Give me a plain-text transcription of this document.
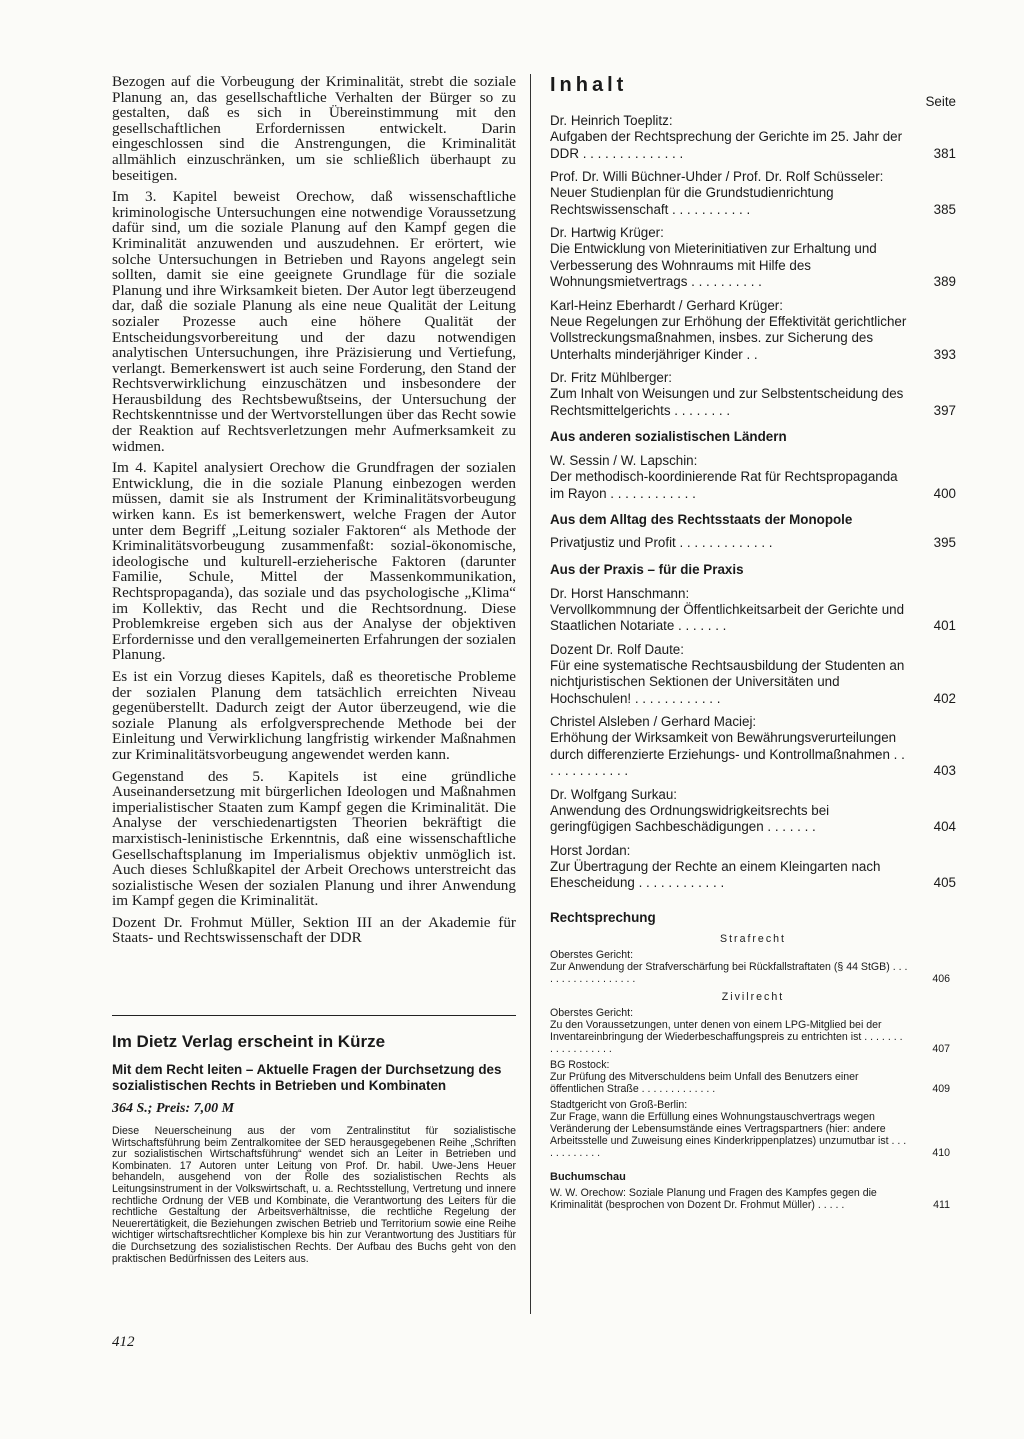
Bezogen auf die Vorbeugung der Kriminalität, strebt die soziale Planung an, das gesellschaftliche Verhalten der Bürger so zu gestalten, daß es sich in Übereinstimmung mit den gesellschaftlichen Erfordernissen entwickelt. Darin eingeschlossen sind die Anstrengungen, die Kriminalität allmählich einzuschränken, um sie schließlich überhaupt zu beseitigen.

Im 3. Kapitel beweist Orechow, daß wissenschaftliche kriminologische Untersuchungen eine notwendige Voraussetzung dafür sind, um die soziale Planung auf den Kampf gegen die Kriminalität anzuwenden und auszudehnen. Er erörtert, wie solche Untersuchungen in Betrieben und Rayons angelegt sein sollten, damit sie eine geeignete Grundlage für die soziale Planung und ihre Wirksamkeit bieten. Der Autor legt überzeugend dar, daß die soziale Planung als eine neue Qualität der Leitung sozialer Prozesse auch eine höhere Qualität der Entscheidungsvorbereitung und der dazu notwendigen analytischen Untersuchungen, ihre Präzisierung und Vertiefung, verlangt. Bemerkenswert ist auch seine Forderung, den Stand der Rechtsverwirklichung einzuschätzen und insbesondere der Herausbildung des Rechtsbewußtseins, der Untersuchung der Rechtskenntnisse und der Wertvorstellungen über das Recht sowie der Reaktion auf Rechtsverletzungen mehr Aufmerksamkeit zu widmen.

Im 4. Kapitel analysiert Orechow die Grundfragen der sozialen Entwicklung, die in die soziale Planung einbezogen werden müssen, damit sie als Instrument der Kriminalitätsvorbeugung wirken kann. Es ist bemerkenswert, welche Fragen der Autor unter dem Begriff „Leitung sozialer Faktoren“ als Methode der Kriminalitätsvorbeugung zusammenfaßt: sozial-ökonomische, ideologische und kulturell-erzieherische Faktoren (darunter Familie, Schule, Mittel der Massenkommunikation, Rechtspropaganda), das soziale und das psychologische „Klima“ im Kollektiv, das Recht und die Rechtsordnung. Diese Problemkreise ergeben sich aus der Analyse der objektiven Erfordernisse und den verallgemeinerten Erfahrungen der sozialen Planung.

Es ist ein Vorzug dieses Kapitels, daß es theoretische Probleme der sozialen Planung dem tatsächlich erreichten Niveau gegenüberstellt. Dadurch zeigt der Autor überzeugend, wie die soziale Planung als erfolgversprechende Methode bei der Einleitung und Verwirklichung langfristig wirkender Maßnahmen zur Kriminalitätsvorbeugung angewendet werden kann.

Gegenstand des 5. Kapitels ist eine gründliche Auseinandersetzung mit bürgerlichen Ideologen und Maßnahmen imperialistischer Staaten zum Kampf gegen die Kriminalität. Die Analyse der verschiedenartigsten Theorien bekräftigt die marxistisch-leninistische Erkenntnis, daß eine wissenschaftliche Gesellschaftsplanung im Imperialismus objektiv unmöglich ist. Auch dieses Schlußkapitel der Arbeit Orechows unterstreicht das sozialistische Wesen der sozialen Planung und ihrer Anwendung im Kampf gegen die Kriminalität.

Dozent Dr. Frohmut Müller, Sektion III an der Akademie für Staats- und Rechtswissenschaft der DDR

Im Dietz Verlag erscheint in Kürze
Mit dem Recht leiten – Aktuelle Fragen der Durchsetzung des sozialistischen Rechts in Betrieben und Kombinaten
364 S.; Preis: 7,00 M

Diese Neuerscheinung aus der vom Zentralinstitut für sozialistische Wirtschaftsführung beim Zentralkomitee der SED herausgegebenen Reihe „Schriften zur sozialistischen Wirtschaftsführung“ wendet sich an Leiter in Betrieben und Kombinaten. 17 Autoren unter Leitung von Prof. Dr. habil. Uwe-Jens Heuer behandeln, ausgehend von der Rolle des sozialistischen Rechts als Leitungsinstrument in der Volkswirtschaft, u. a. Rechtsstellung, Vertretung und innere rechtliche Ordnung der VEB und Kombinate, die Verantwortung des Leiters für die rechtliche Gestaltung der Arbeitsverhältnisse, die rechtliche Regelung der Neuerertätigkeit, die Beziehungen zwischen Betrieb und Territorium sowie eine Reihe wichtiger wirtschaftsrechtlicher Komplexe bis hin zur Verantwortung des Justitiars für die Durchsetzung des sozialistischen Rechts. Der Aufbau des Buchs geht von den praktischen Bedürfnissen des Leiters aus.

412
Inhalt
Seite
Dr. Heinrich Toeplitz:
Aufgaben der Rechtsprechung der Gerichte im 25. Jahr der DDR . . . . . . . . . . . . . .	381
Prof. Dr. Willi Büchner-Uhder / Prof. Dr. Rolf Schüsseler:
Neuer Studienplan für die Grundstudienrichtung Rechtswissenschaft . . . . . . . . . . .	385
Dr. Hartwig Krüger:
Die Entwicklung von Mieterinitiativen zur Erhaltung und Verbesserung des Wohnraums mit Hilfe des Wohnungsmietvertrags . . . . . . . . . .	389
Karl-Heinz Eberhardt / Gerhard Krüger:
Neue Regelungen zur Erhöhung der Effektivität gerichtlicher Vollstreckungsmaßnahmen, insbes. zur Sicherung des Unterhalts minderjähriger Kinder . .	393
Dr. Fritz Mühlberger:
Zum Inhalt von Weisungen und zur Selbstentscheidung des Rechtsmittelgerichts . . . . . . . .	397
Aus anderen sozialistischen Ländern
W. Sessin / W. Lapschin:
Der methodisch-koordinierende Rat für Rechtspropaganda im Rayon . . . . . . . . . . . .	400
Aus dem Alltag des Rechtsstaats der Monopole
Privatjustiz und Profit . . . . . . . . . . . . .	395
Aus der Praxis – für die Praxis
Dr. Horst Hanschmann:
Vervollkommnung der Öffentlichkeitsarbeit der Gerichte und Staatlichen Notariate . . . . . . .	401
Dozent Dr. Rolf Daute:
Für eine systematische Rechtsausbildung der Studenten an nichtjuristischen Sektionen der Universitäten und Hochschulen! . . . . . . . . . . . .	402
Christel Alsleben / Gerhard Maciej:
Erhöhung der Wirksamkeit von Bewährungsverurteilungen durch differenzierte Erziehungs- und Kontrollmaßnahmen . . . . . . . . . . . . .	403
Dr. Wolfgang Surkau:
Anwendung des Ordnungswidrigkeitsrechts bei geringfügigen Sachbeschädigungen . . . . . . .	404
Horst Jordan:
Zur Übertragung der Rechte an einem Kleingarten nach Ehescheidung . . . . . . . . . . . .	405
Rechtsprechung
Strafrecht
Oberstes Gericht:
Zur Anwendung der Strafverschärfung bei Rückfallstraftaten (§ 44 StGB) . . . . . . . . . . . . . . . . . .	406
Zivilrecht
Oberstes Gericht:
Zu den Voraussetzungen, unter denen von einem LPG-Mitglied bei der Inventareinbringung der Wiederbeschaffungspreis zu entrichten ist . . . . . . . . . . . . . . . . . .	407
BG Rostock:
Zur Prüfung des Mitverschuldens beim Unfall des Benutzers einer öffentlichen Straße . . . . . . . . . . . . .	409
Stadtgericht von Groß-Berlin:
Zur Frage, wann die Erfüllung eines Wohnungstauschvertrags wegen Veränderung der Lebensumstände eines Vertragspartners (hier: andere Arbeitsstelle und Zuweisung eines Kinderkrippenplatzes) unzumutbar ist . . . . . . . . . . . .	410
Buchumschau
W. W. Orechow: Soziale Planung und Fragen des Kampfes gegen die Kriminalität (besprochen von Dozent Dr. Frohmut Müller) . . . . .	411
